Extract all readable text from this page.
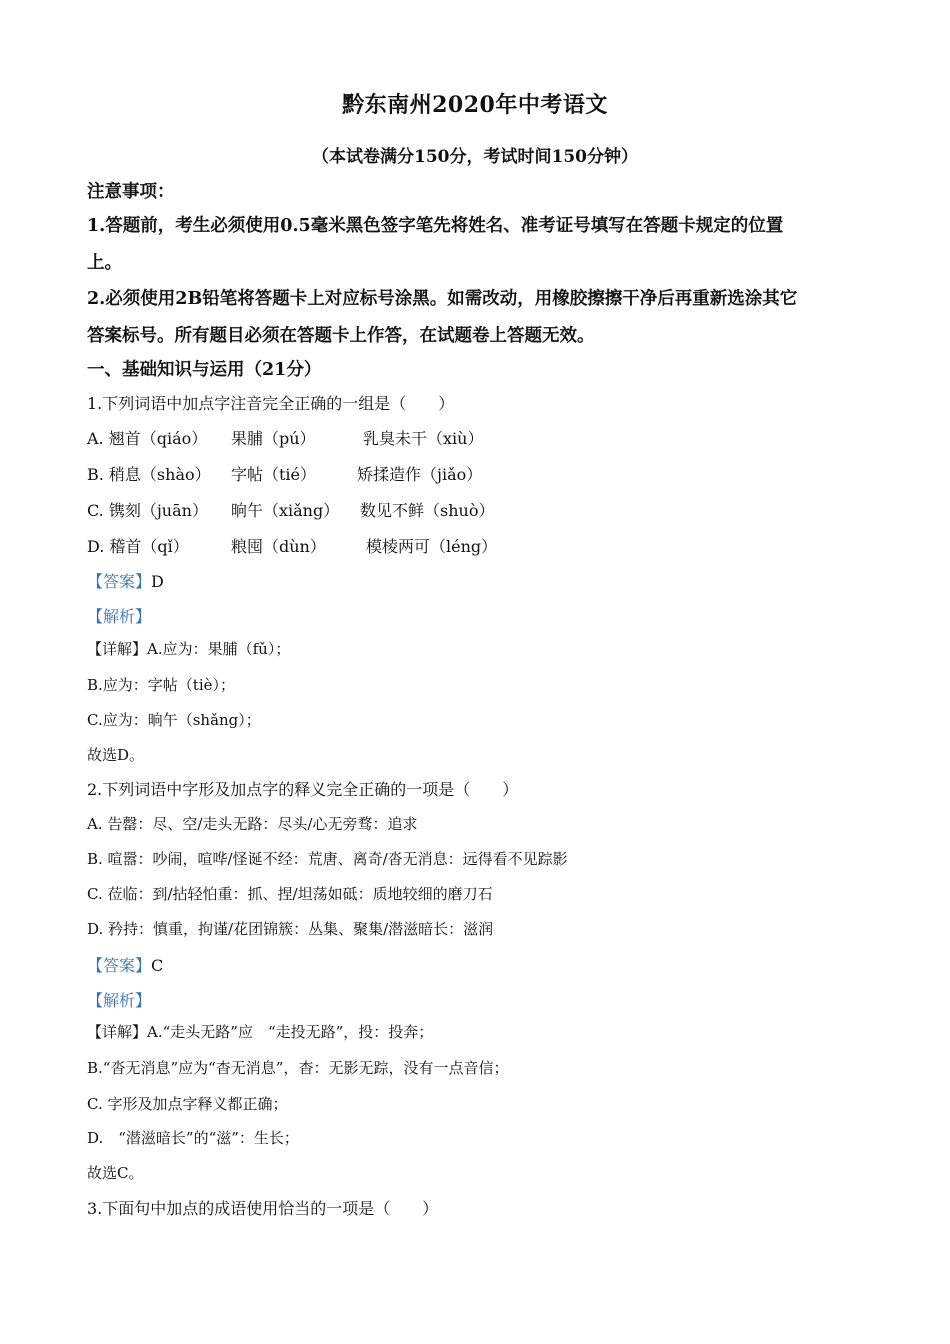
黔东南州2020年中考语文
（本试卷满分150分，考试时间150分钟）
注意事项：
1.答题前，考生必须使用0.5毫米黑色签字笔先将姓名、准考证号填写在答题卡规定的位置
上。
2.必须使用2B铅笔将答题卡上对应标号涂黑。如需改动，用橡胶擦擦干净后再重新选涂其它
答案标号。所有题目必须在答题卡上作答，在试题卷上答题无效。
一、基础知识与运用（21分）
1.下列词语中加点字注音完全正确的一组是（　　）
A. 翘首（qiáo） 果脯（pú）	乳臭未干（xiù）
B. 稍息（shào） 字帖（tié）	矫揉造作（jiǎo）
C. 镌刻（juān） 晌午（xiǎng） 数见不鲜（shuò）
D. 稽首（qǐ）	粮囤（dùn）	模棱两可（léng）
【答案】D
【解析】
【详解】A.应为：果脯（fǔ）；
B.应为：字帖（tiè）；
C.应为：晌午（shǎng）；
故选D。
2.下列词语中字形及加点字的释义完全正确的一项是（　　）
A. 告罄：尽、空/走头无路：尽头/心无旁骛：追求
B. 喧嚣：吵闹，喧哗/怪诞不经：荒唐、离奇/沓无消息：远得看不见踪影
C. 莅临：到/拈轻怕重：抓、捏/坦荡如砥：质地较细的磨刀石
D. 矜持：慎重，拘谨/花团锦簇：丛集、聚集/潜滋暗长：滋润
【答案】C
【解析】
【详解】A.“走头无路”应　“走投无路”，投：投奔；
B.“沓无消息”应为“杳无消息”，杳：无影无踪，没有一点音信；
C. 字形及加点字释义都正确；
D.　“潜滋暗长”的“滋”：生长；
故选C。
3.下面句中加点的成语使用恰当的一项是（　　）
